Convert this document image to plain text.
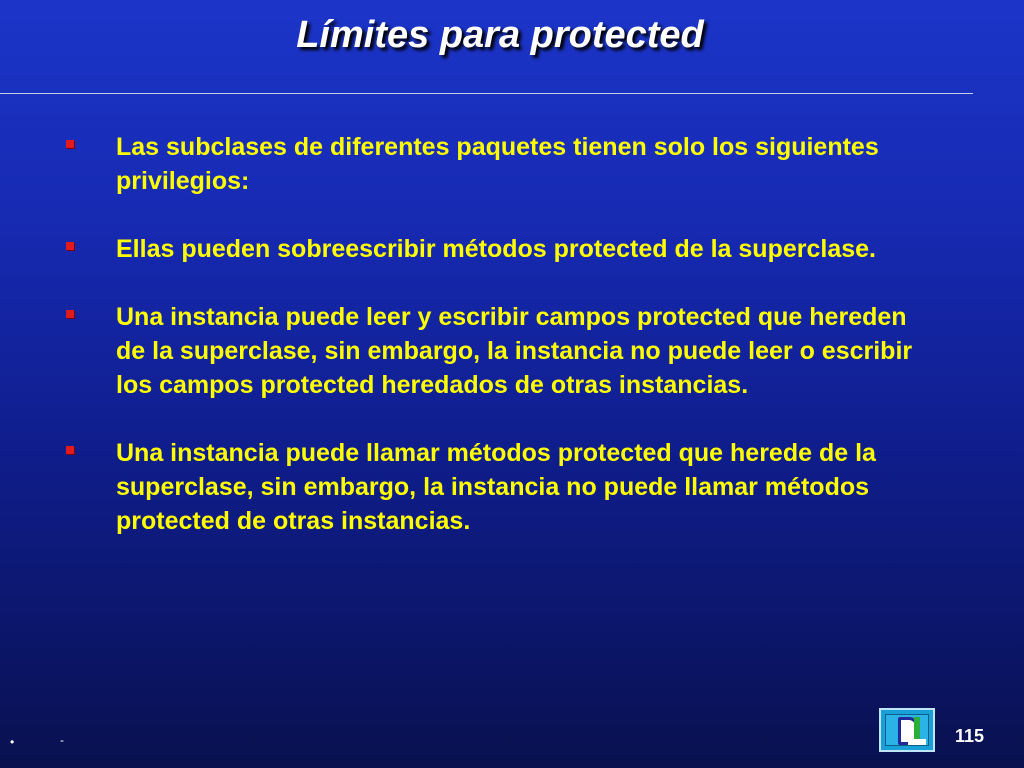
Límites para protected
Las subclases de diferentes paquetes tienen solo los siguientes privilegios:
Ellas pueden sobreescribir métodos protected de la superclase.
Una instancia puede leer y escribir campos protected que hereden de la superclase, sin embargo, la instancia no puede leer o escribir los campos protected heredados de otras instancias.
Una instancia puede llamar métodos protected que herede de la superclase, sin embargo, la instancia no puede llamar métodos protected de otras instancias.
•	-	115
